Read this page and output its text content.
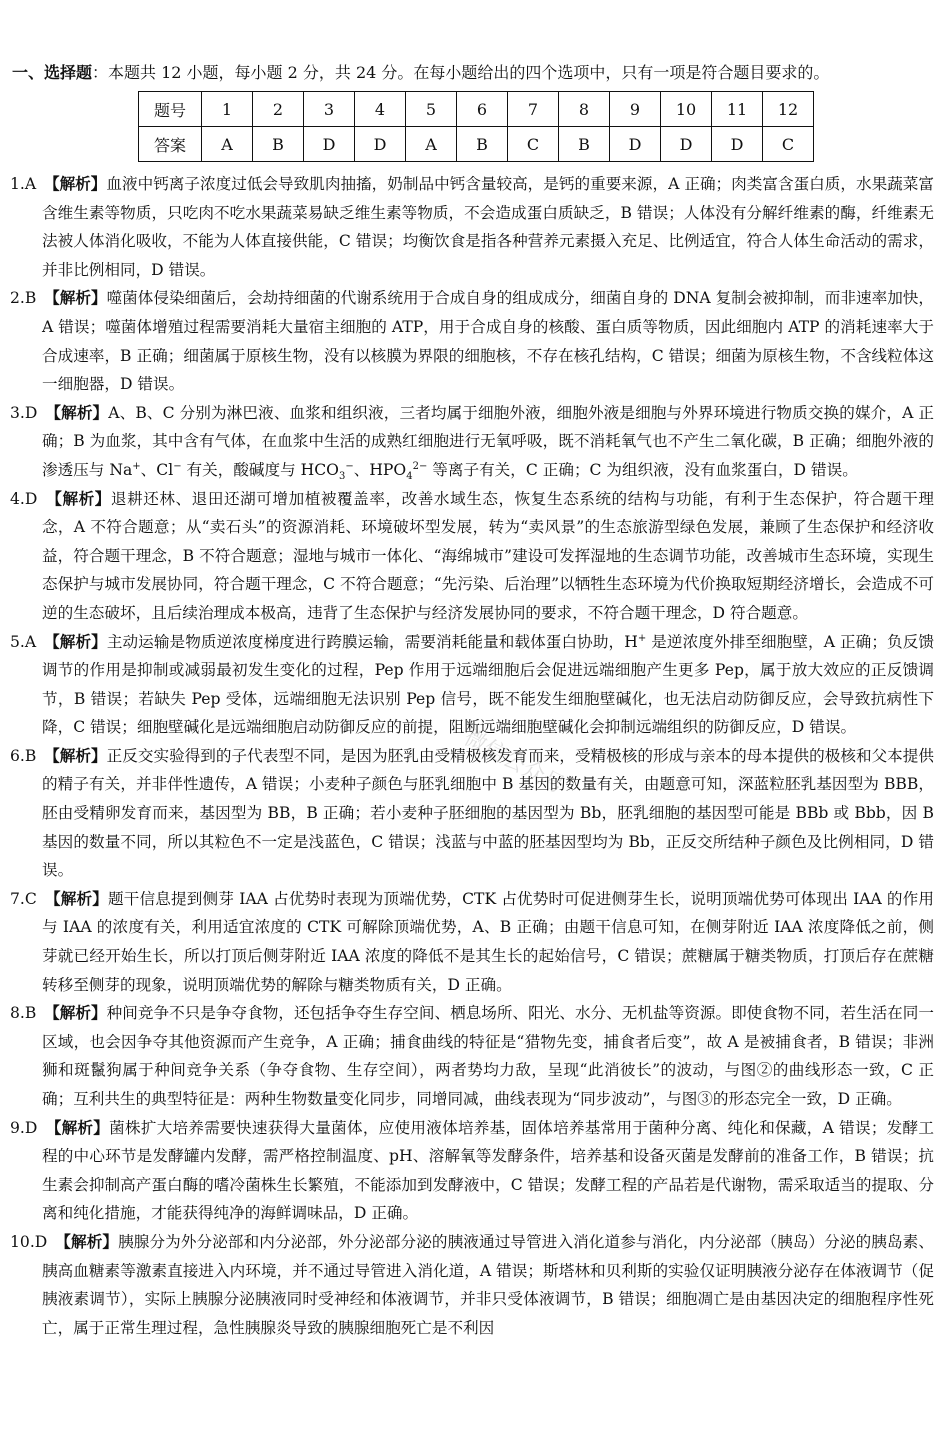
一、选择题：本题共 12 小题，每小题 2 分，共 24 分。在每小题给出的四个选项中，只有一项是符合题目要求的。
题号	1	2	3	4	5	6	7	8	9	10	11	12
答案	A	B	D	D	A	B	C	B	D	D	D	C
1.A　 【解析】血液中钙离子浓度过低会导致肌肉抽搐，奶制品中钙含量较高，是钙的重要来源，A 正确；肉类富含蛋白质，水果蔬菜富含维生素等物质，只吃肉不吃水果蔬菜易缺乏维生素等物质，不会造成蛋白质缺乏，B 错误；人体没有分解纤维素的酶，纤维素无法被人体消化吸收，不能为人体直接供能，C 错误；均衡饮食是指各种营养元素摄入充足、比例适宜，符合人体生命活动的需求，并非比例相同，D 错误。
2.B　 【解析】噬菌体侵染细菌后，会劫持细菌的代谢系统用于合成自身的组成成分，细菌自身的 DNA 复制会被抑制，而非速率加快，A 错误；噬菌体增殖过程需要消耗大量宿主细胞的 ATP，用于合成自身的核酸、蛋白质等物质，因此细胞内 ATP 的消耗速率大于合成速率，B 正确；细菌属于原核生物，没有以核膜为界限的细胞核，不存在核孔结构，C 错误；细菌为原核生物，不含线粒体这一细胞器，D 错误。
3.D　 【解析】A、B、C 分别为淋巴液、血浆和组织液，三者均属于细胞外液，细胞外液是细胞与外界环境进行物质交换的媒介，A 正确；B 为血浆，其中含有气体，在血浆中生活的成熟红细胞进行无氧呼吸，既不消耗氧气也不产生二氧化碳，B 正确；细胞外液的渗透压与 Na+、Cl− 有关，酸碱度与 $HCO_3^-$、$HPO_4^{2-}$ 等离子有关，C 正确；C 为组织液，没有血浆蛋白，D 错误。
4.D　 【解析】退耕还林、退田还湖可增加植被覆盖率，改善水域生态，恢复生态系统的结构与功能，有利于生态保护，符合题干理念，A 不符合题意；从“卖石头”的资源消耗、环境破坏型发展，转为“卖风景”的生态旅游型绿色发展，兼顾了生态保护和经济收益，符合题干理念，B 不符合题意；湿地与城市一体化、“海绵城市”建设可发挥湿地的生态调节功能，改善城市生态环境，实现生态保护与城市发展协同，符合题干理念，C 不符合题意；“先污染、后治理”以牺牲生态环境为代价换取短期经济增长，会造成不可逆的生态破坏，且后续治理成本极高，违背了生态保护与经济发展协同的要求，不符合题干理念，D 符合题意。
5.A　 【解析】主动运输是物质逆浓度梯度进行跨膜运输，需要消耗能量和载体蛋白协助，H+ 是逆浓度外排至细胞壁，A 正确；负反馈调节的作用是抑制或减弱最初发生变化的过程，Pep 作用于远端细胞后会促进远端细胞产生更多 Pep，属于放大效应的正反馈调节，B 错误；若缺失 Pep 受体，远端细胞无法识别 Pep 信号，既不能发生细胞壁碱化，也无法启动防御反应，会导致抗病性下降，C 错误；细胞壁碱化是远端细胞启动防御反应的前提，阻断远端细胞壁碱化会抑制远端组织的防御反应，D 错误。
6.B　 【解析】正反交实验得到的子代表型不同，是因为胚乳由受精极核发育而来，受精极核的形成与亲本的母本提供的极核和父本提供的精子有关，并非伴性遗传，A 错误；小麦种子颜色与胚乳细胞中 B 基因的数量有关，由题意可知，深蓝粒胚乳基因型为 BBB，胚由受精卵发育而来，基因型为 BB，B 正确；若小麦种子胚细胞的基因型为 Bb，胚乳细胞的基因型可能是 BBb 或 Bbb，因 B 基因的数量不同，所以其粒色不一定是浅蓝色，C 错误；浅蓝与中蓝的胚基因型均为 Bb，正反交所结种子颜色及比例相同，D 错误。
7.C　 【解析】题干信息提到侧芽 IAA 占优势时表现为顶端优势，CTK 占优势时可促进侧芽生长，说明顶端优势可体现出 IAA 的作用与 IAA 的浓度有关，利用适宜浓度的 CTK 可解除顶端优势，A、B 正确；由题干信息可知，在侧芽附近 IAA 浓度降低之前，侧芽就已经开始生长，所以打顶后侧芽附近 IAA 浓度的降低不是其生长的起始信号，C 错误；蔗糖属于糖类物质，打顶后存在蔗糖转移至侧芽的现象，说明顶端优势的解除与糖类物质有关，D 正确。
8.B　 【解析】种间竞争不只是争夺食物，还包括争夺生存空间、栖息场所、阳光、水分、无机盐等资源。即使食物不同，若生活在同一区域，也会因争夺其他资源而产生竞争，A 正确；捕食曲线的特征是“猎物先变，捕食者后变”，故 A 是被捕食者，B 错误；非洲狮和斑鬣狗属于种间竞争关系（争夺食物、生存空间），两者势均力敌，呈现“此消彼长”的波动，与图②的曲线形态一致，C 正确；互利共生的典型特征是：两种生物数量变化同步，同增同减，曲线表现为“同步波动”，与图③的形态完全一致，D 正确。
9.D　 【解析】菌株扩大培养需要快速获得大量菌体，应使用液体培养基，固体培养基常用于菌种分离、纯化和保藏，A 错误；发酵工程的中心环节是发酵罐内发酵，需严格控制温度、pH、溶解氧等发酵条件，培养基和设备灭菌是发酵前的准备工作，B 错误；抗生素会抑制高产蛋白酶的嗜冷菌株生长繁殖，不能添加到发酵液中，C 错误；发酵工程的产品若是代谢物，需采取适当的提取、分离和纯化措施，才能获得纯净的海鲜调味品，D 正确。
10.D　 【解析】胰腺分为外分泌部和内分泌部，外分泌部分泌的胰液通过导管进入消化道参与消化，内分泌部（胰岛）分泌的胰岛素、胰高血糖素等激素直接进入内环境，并不通过导管进入消化道，A 错误；斯塔林和贝利斯的实验仅证明胰液分泌存在体液调节（促胰液素调节），实际上胰腺分泌胰液同时受神经和体液调节，并非只受体液调节，B 错误；细胞凋亡是由基因决定的细胞程序性死亡，属于正常生理过程，急性胰腺炎导致的胰腺细胞死亡是不利因
微信公众号
